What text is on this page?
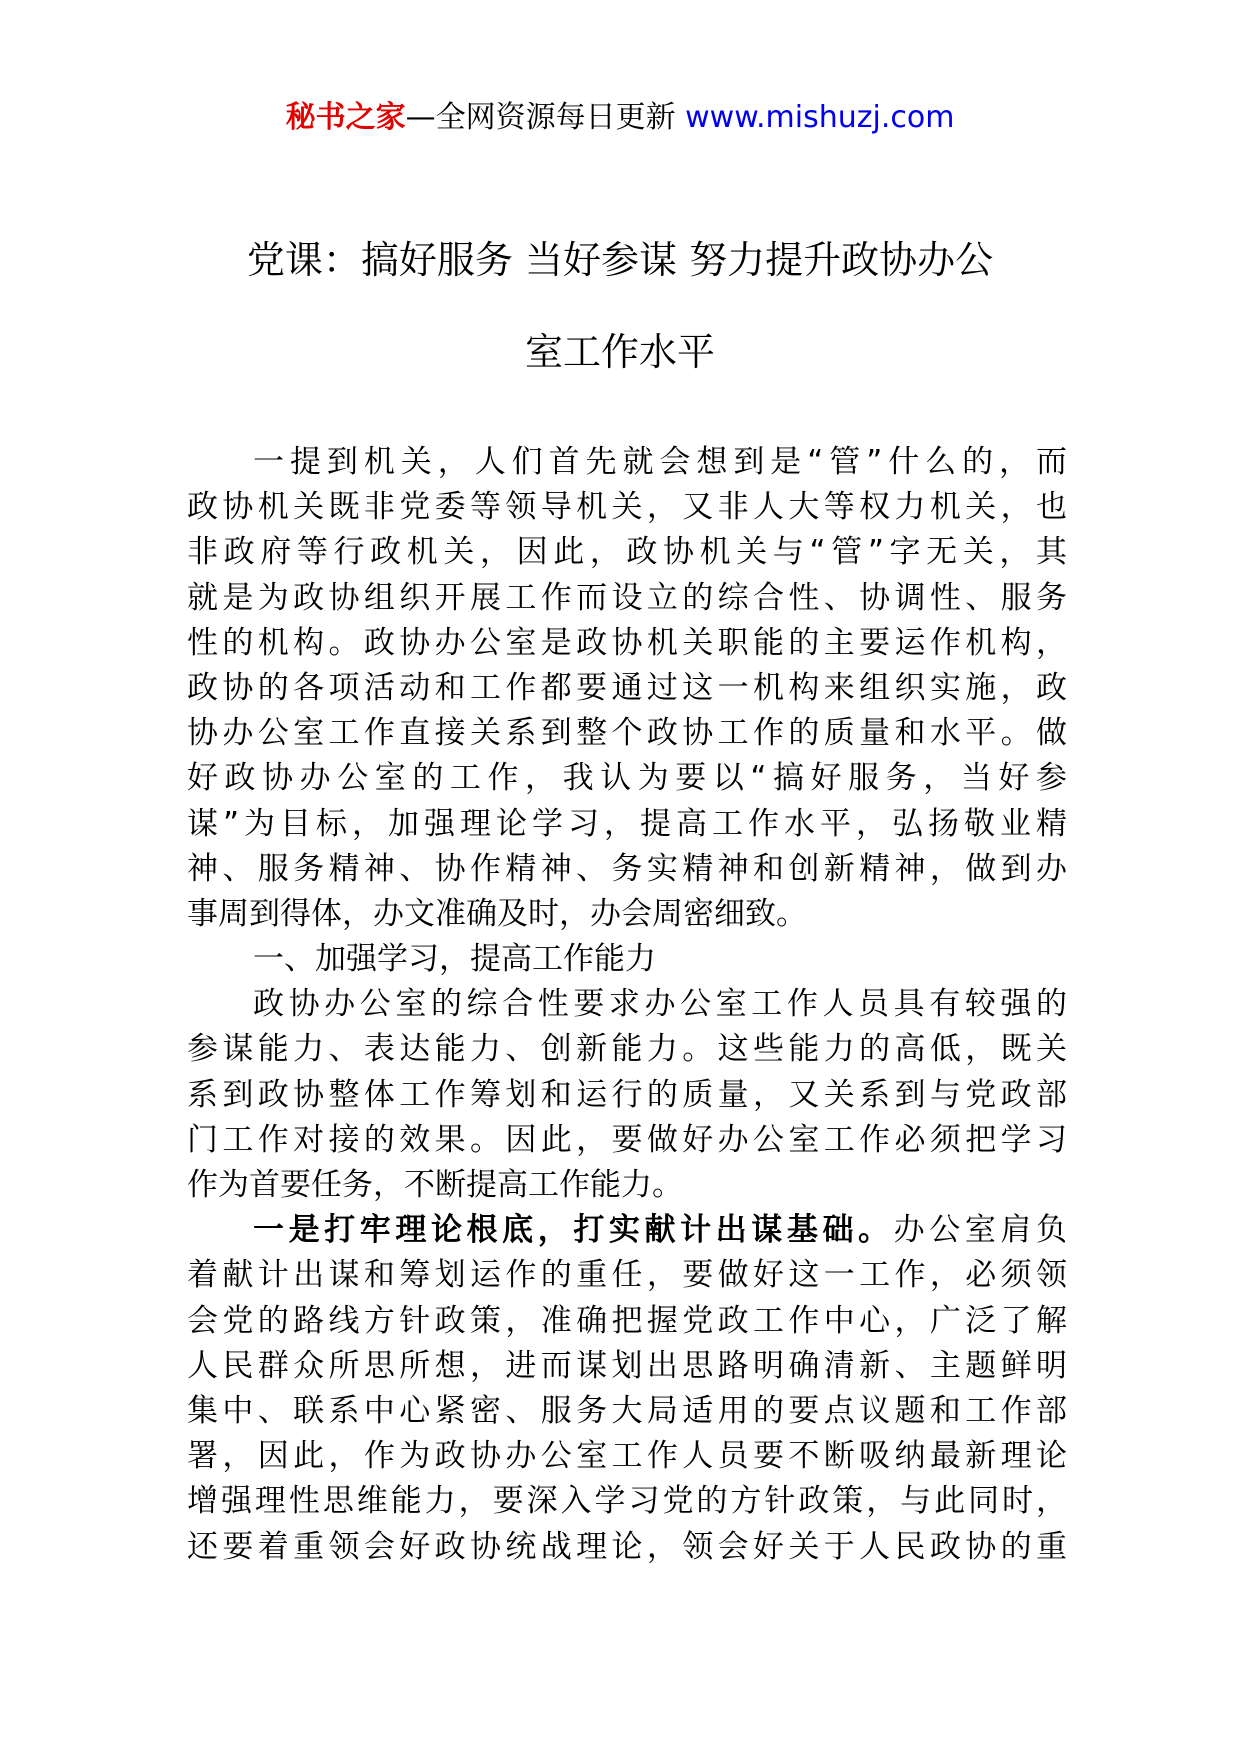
秘书之家—全网资源每日更新 www.mishuzj.com
党课：搞好服务 当好参谋 努力提升政协办公
室工作水平
一提到机关，人们首先就会想到是“管”什么的，而
政协机关既非党委等领导机关，又非人大等权力机关，也
非政府等行政机关，因此，政协机关与“管”字无关，其
就是为政协组织开展工作而设立的综合性、协调性、服务
性的机构。政协办公室是政协机关职能的主要运作机构，
政协的各项活动和工作都要通过这一机构来组织实施，政
协办公室工作直接关系到整个政协工作的质量和水平。做
好政协办公室的工作，我认为要以“搞好服务，当好参
谋”为目标，加强理论学习，提高工作水平，弘扬敬业精
神、服务精神、协作精神、务实精神和创新精神，做到办
事周到得体，办文准确及时，办会周密细致。
一、加强学习，提高工作能力
政协办公室的综合性要求办公室工作人员具有较强的
参谋能力、表达能力、创新能力。这些能力的高低，既关
系到政协整体工作筹划和运行的质量，又关系到与党政部
门工作对接的效果。因此，要做好办公室工作必须把学习
作为首要任务，不断提高工作能力。
一是打牢理论根底，打实献计出谋基础。办公室肩负
着献计出谋和筹划运作的重任，要做好这一工作，必须领
会党的路线方针政策，准确把握党政工作中心，广泛了解
人民群众所思所想，进而谋划出思路明确清新、主题鲜明
集中、联系中心紧密、服务大局适用的要点议题和工作部
署，因此，作为政协办公室工作人员要不断吸纳最新理论
增强理性思维能力，要深入学习党的方针政策，与此同时，
还要着重领会好政协统战理论，领会好关于人民政协的重
